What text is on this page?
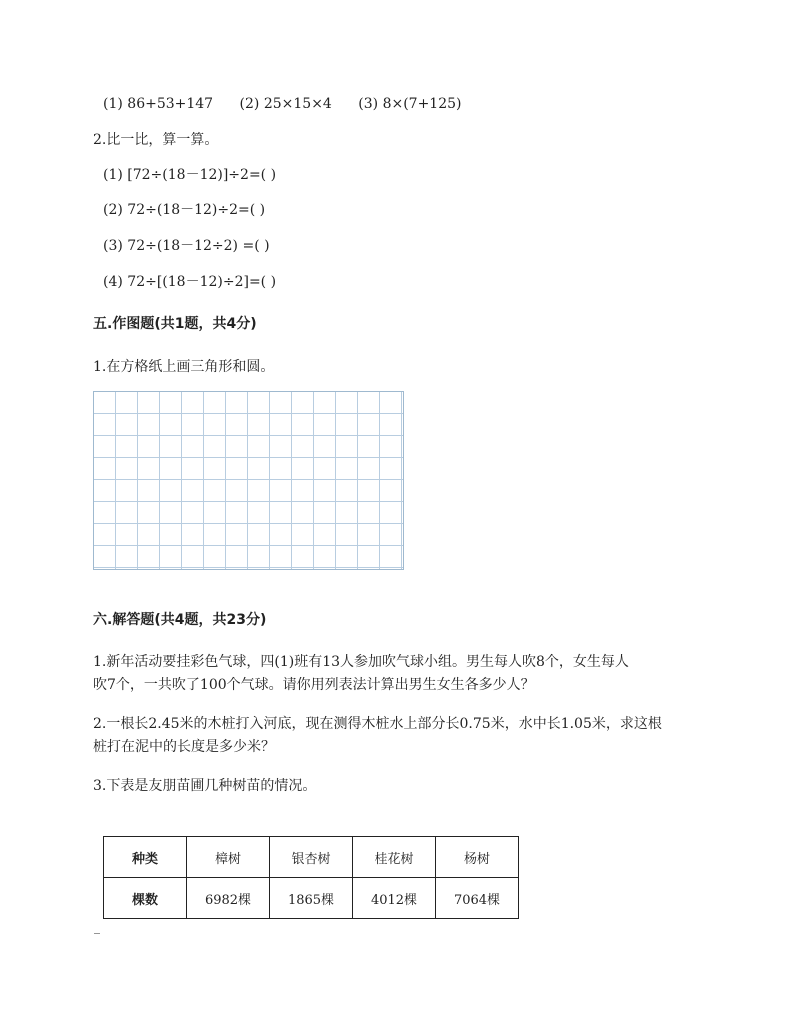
(1) 86+53+147 (2) 25×15×4 (3) 8×(7+125)
2.比一比，算一算。
(1) [72÷(18－12)]÷2=( )
(2) 72÷(18－12)÷2=( )
(3) 72÷(18－12÷2) =( )
(4) 72÷[(18－12)÷2]=( )
五.作图题(共1题，共4分)
1.在方格纸上画三角形和圆。
六.解答题(共4题，共23分)
1.新年活动要挂彩色气球，四(1)班有13人参加吹气球小组。男生每人吹8个，女生每人
吹7个，一共吹了100个气球。请你用列表法计算出男生女生各多少人？
2.一根长2.45米的木桩打入河底，现在测得木桩水上部分长0.75米，水中长1.05米，求这根
桩打在泥中的长度是多少米？
3.下表是友朋苗圃几种树苗的情况。
种类	樟树	银杏树	桂花树	杨树
棵数	6982棵	1865棵	4012棵	7064棵
_
